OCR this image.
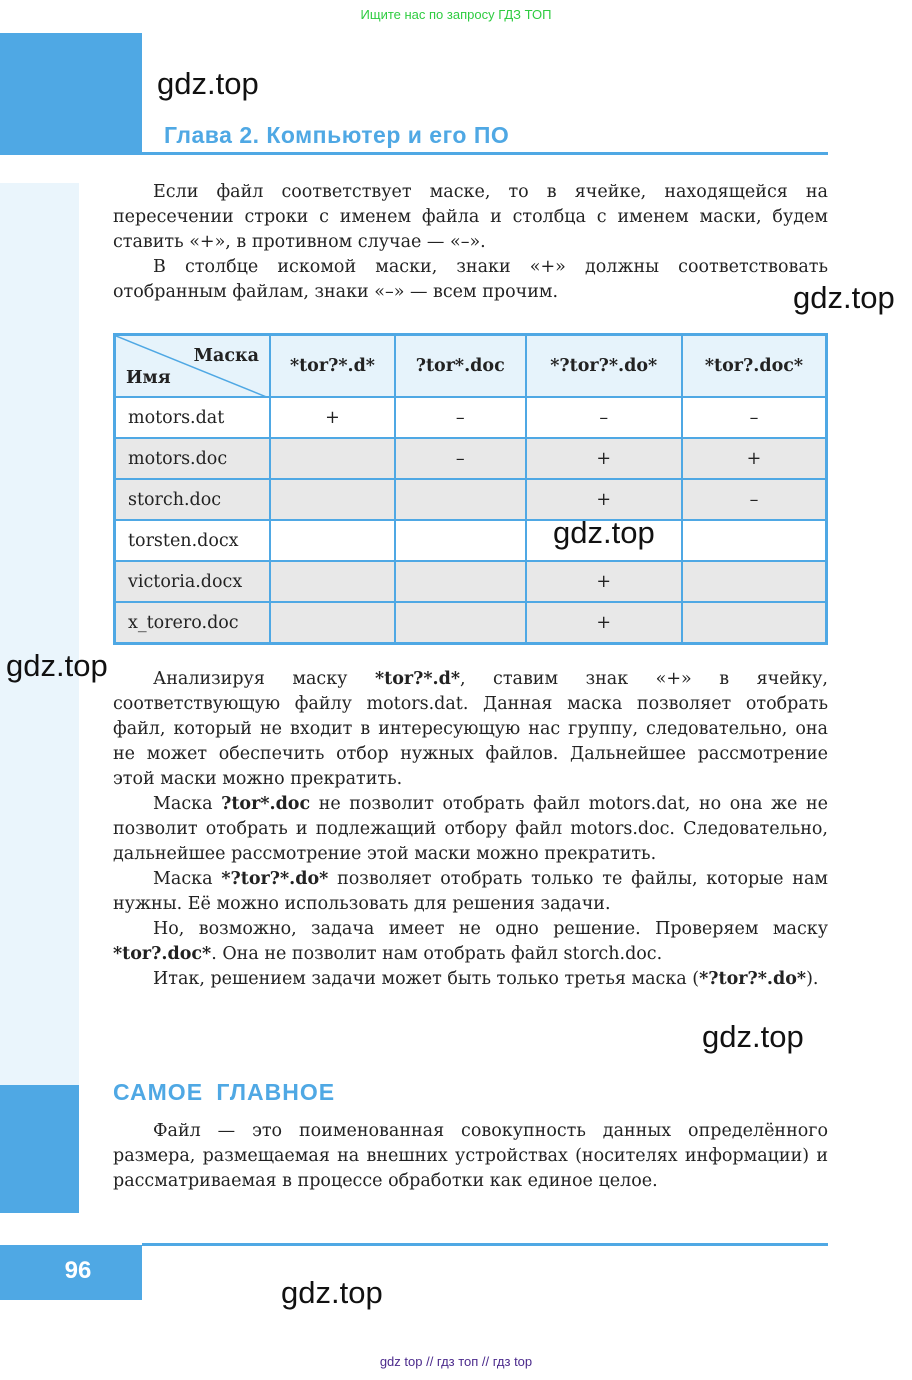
Ищите нас по запросу ГДЗ ТОП
Глава 2. Компьютер и его ПО

Если файл соответствует маске, то в ячейке, находящейся на пересечении строки с именем файла и столбца с именем маски, будем ставить «+», в противном случае — «–».

В столбце искомой маски, знаки «+» должны соответствовать отобранным файлам, знаки «–» — всем прочим.

Маска
Имя	*tor?*.d*	?tor*.doc	*?tor?*.do*	*tor?.doc*
motors.dat	+	–	–	–
motors.doc		–	+	+
storch.doc			+	–
torsten.docx				
victoria.docx			+	
x_torero.doc			+	

Анализируя маску *tor?*.d*, ставим знак «+» в ячейку, соответствующую файлу motors.dat. Данная маска позволяет отобрать файл, который не входит в интересующую нас группу, следовательно, она не может обеспечить отбор нужных файлов. Дальнейшее рассмотрение этой маски можно прекратить.

Маска ?tor*.doc не позволит отобрать файл motors.dat, но она же не позволит отобрать и подлежащий отбору файл motors.doc. Следовательно, дальнейшее рассмотрение этой маски можно прекратить.

Маска *?tor?*.do* позволяет отобрать только те файлы, которые нам нужны. Её можно использовать для решения задачи.

Но, возможно, задача имеет не одно решение. Проверяем маску *tor?.doc*. Она не позволит нам отобрать файл storch.doc.

Итак, решением задачи может быть только третья маска (*?tor?*.do*).

САМОЕ ГЛАВНОЕ

Файл — это поименованная совокупность данных определённого размера, размещаемая на внешних устройствах (носителях информации) и рассматриваемая в процессе обработки как единое целое.

96
gdz top // гдз топ // гдз top
gdz.top
gdz.top
gdz.top
gdz.top
gdz.top
gdz.top
